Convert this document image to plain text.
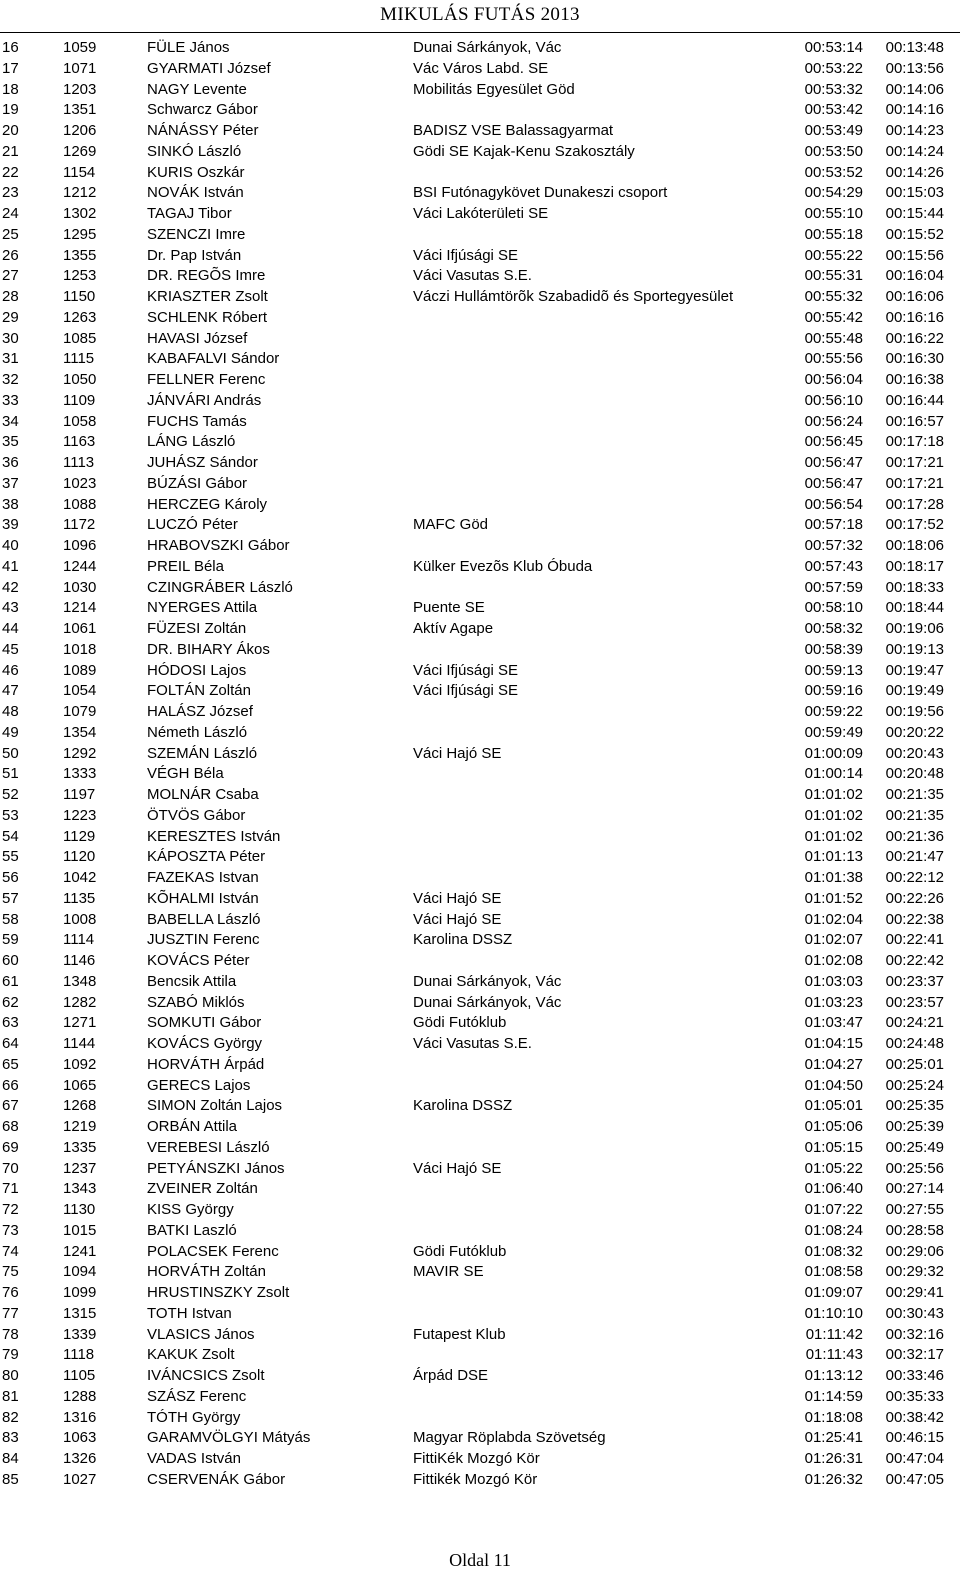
MIKULÁS FUTÁS 2013
16	1059	FÜLE János	Dunai Sárkányok, Vác	00:53:14 00:13:48
17	1071	GYARMATI József	Vác Város Labd. SE	00:53:22 00:13:56
18	1203	NAGY Levente	Mobilitás Egyesület Göd	00:53:32 00:14:06
19	1351	Schwarcz Gábor	00:53:42 00:14:16
20	1206	NÁNÁSSY Péter	BADISZ VSE Balassagyarmat	00:53:49 00:14:23
21	1269	SINKÓ László	Gödi SE Kajak-Kenu Szakosztály	00:53:50 00:14:24
22	1154	KURIS Oszkár	00:53:52 00:14:26
23	1212	NOVÁK István	BSI Futónagykövet Dunakeszi csoport	00:54:29 00:15:03
24	1302	TAGAJ Tibor	Váci Lakóterületi SE	00:55:10 00:15:44
25	1295	SZENCZI Imre	00:55:18 00:15:52
26	1355	Dr. Pap István	Váci Ifjúsági SE	00:55:22 00:15:56
27	1253	DR. REGÕS Imre	Váci Vasutas S.E.	00:55:31 00:16:04
28	1150	KRIASZTER Zsolt	Váczi Hullámtörõk Szabadidõ és Sportegyesület	00:55:32 00:16:06
29	1263	SCHLENK Róbert	00:55:42 00:16:16
30	1085	HAVASI József	00:55:48 00:16:22
31	1115	KABAFALVI Sándor	00:55:56 00:16:30
32	1050	FELLNER Ferenc	00:56:04 00:16:38
33	1109	JÁNVÁRI András	00:56:10 00:16:44
34	1058	FUCHS Tamás	00:56:24 00:16:57
35	1163	LÁNG László	00:56:45 00:17:18
36	1113	JUHÁSZ Sándor	00:56:47 00:17:21
37	1023	BÚZÁSI Gábor	00:56:47 00:17:21
38	1088	HERCZEG Károly	00:56:54 00:17:28
39	1172	LUCZÓ Péter	MAFC Göd	00:57:18 00:17:52
40	1096	HRABOVSZKI Gábor	00:57:32 00:18:06
41	1244	PREIL Béla	Külker Evezõs Klub Óbuda	00:57:43 00:18:17
42	1030	CZINGRÁBER László	00:57:59 00:18:33
43	1214	NYERGES Attila	Puente SE	00:58:10 00:18:44
44	1061	FÜZESI Zoltán	Aktív Agape	00:58:32 00:19:06
45	1018	DR. BIHARY Ákos	00:58:39 00:19:13
46	1089	HÓDOSI Lajos	Váci Ifjúsági SE	00:59:13 00:19:47
47	1054	FOLTÁN Zoltán	Váci Ifjúsági SE	00:59:16 00:19:49
48	1079	HALÁSZ József	00:59:22 00:19:56
49	1354	Németh László	00:59:49 00:20:22
50	1292	SZEMÁN László	Váci Hajó SE	01:00:09 00:20:43
51	1333	VÉGH Béla	01:00:14 00:20:48
52	1197	MOLNÁR Csaba	01:01:02 00:21:35
53	1223	ÖTVÖS Gábor	01:01:02 00:21:35
54	1129	KERESZTES István	01:01:02 00:21:36
55	1120	KÁPOSZTA Péter	01:01:13 00:21:47
56	1042	FAZEKAS Istvan	01:01:38 00:22:12
57	1135	KÕHALMI István	Váci Hajó SE	01:01:52 00:22:26
58	1008	BABELLA László	Váci Hajó SE	01:02:04 00:22:38
59	1114	JUSZTIN Ferenc	Karolina DSSZ	01:02:07 00:22:41
60	1146	KOVÁCS Péter	01:02:08 00:22:42
61	1348	Bencsik Attila	Dunai Sárkányok, Vác	01:03:03 00:23:37
62	1282	SZABÓ Miklós	Dunai Sárkányok, Vác	01:03:23 00:23:57
63	1271	SOMKUTI Gábor	Gödi Futóklub	01:03:47 00:24:21
64	1144	KOVÁCS György	Váci Vasutas S.E.	01:04:15 00:24:48
65	1092	HORVÁTH Árpád	01:04:27 00:25:01
66	1065	GERECS Lajos	01:04:50 00:25:24
67	1268	SIMON Zoltán Lajos	Karolina DSSZ	01:05:01 00:25:35
68	1219	ORBÁN Attila	01:05:06 00:25:39
69	1335	VEREBESI László	01:05:15 00:25:49
70	1237	PETYÁNSZKI János	Váci Hajó SE	01:05:22 00:25:56
71	1343	ZVEINER Zoltán	01:06:40 00:27:14
72	1130	KISS György	01:07:22 00:27:55
73	1015	BATKI Laszló	01:08:24 00:28:58
74	1241	POLACSEK Ferenc	Gödi Futóklub	01:08:32 00:29:06
75	1094	HORVÁTH Zoltán	MAVIR SE	01:08:58 00:29:32
76	1099	HRUSTINSZKY Zsolt	01:09:07 00:29:41
77	1315	TOTH Istvan	01:10:10 00:30:43
78	1339	VLASICS János	Futapest Klub	01:11:42 00:32:16
79	1118	KAKUK Zsolt	01:11:43 00:32:17
80	1105	IVÁNCSICS Zsolt	Árpád DSE	01:13:12 00:33:46
81	1288	SZÁSZ Ferenc	01:14:59 00:35:33
82	1316	TÓTH György	01:18:08 00:38:42
83	1063	GARAMVÖLGYI Mátyás	Magyar Röplabda Szövetség	01:25:41 00:46:15
84	1326	VADAS István	FittiKék Mozgó Kör	01:26:31 00:47:04
85	1027	CSERVENÁK Gábor	Fittikék Mozgó Kör	01:26:32 00:47:05
Oldal 11
